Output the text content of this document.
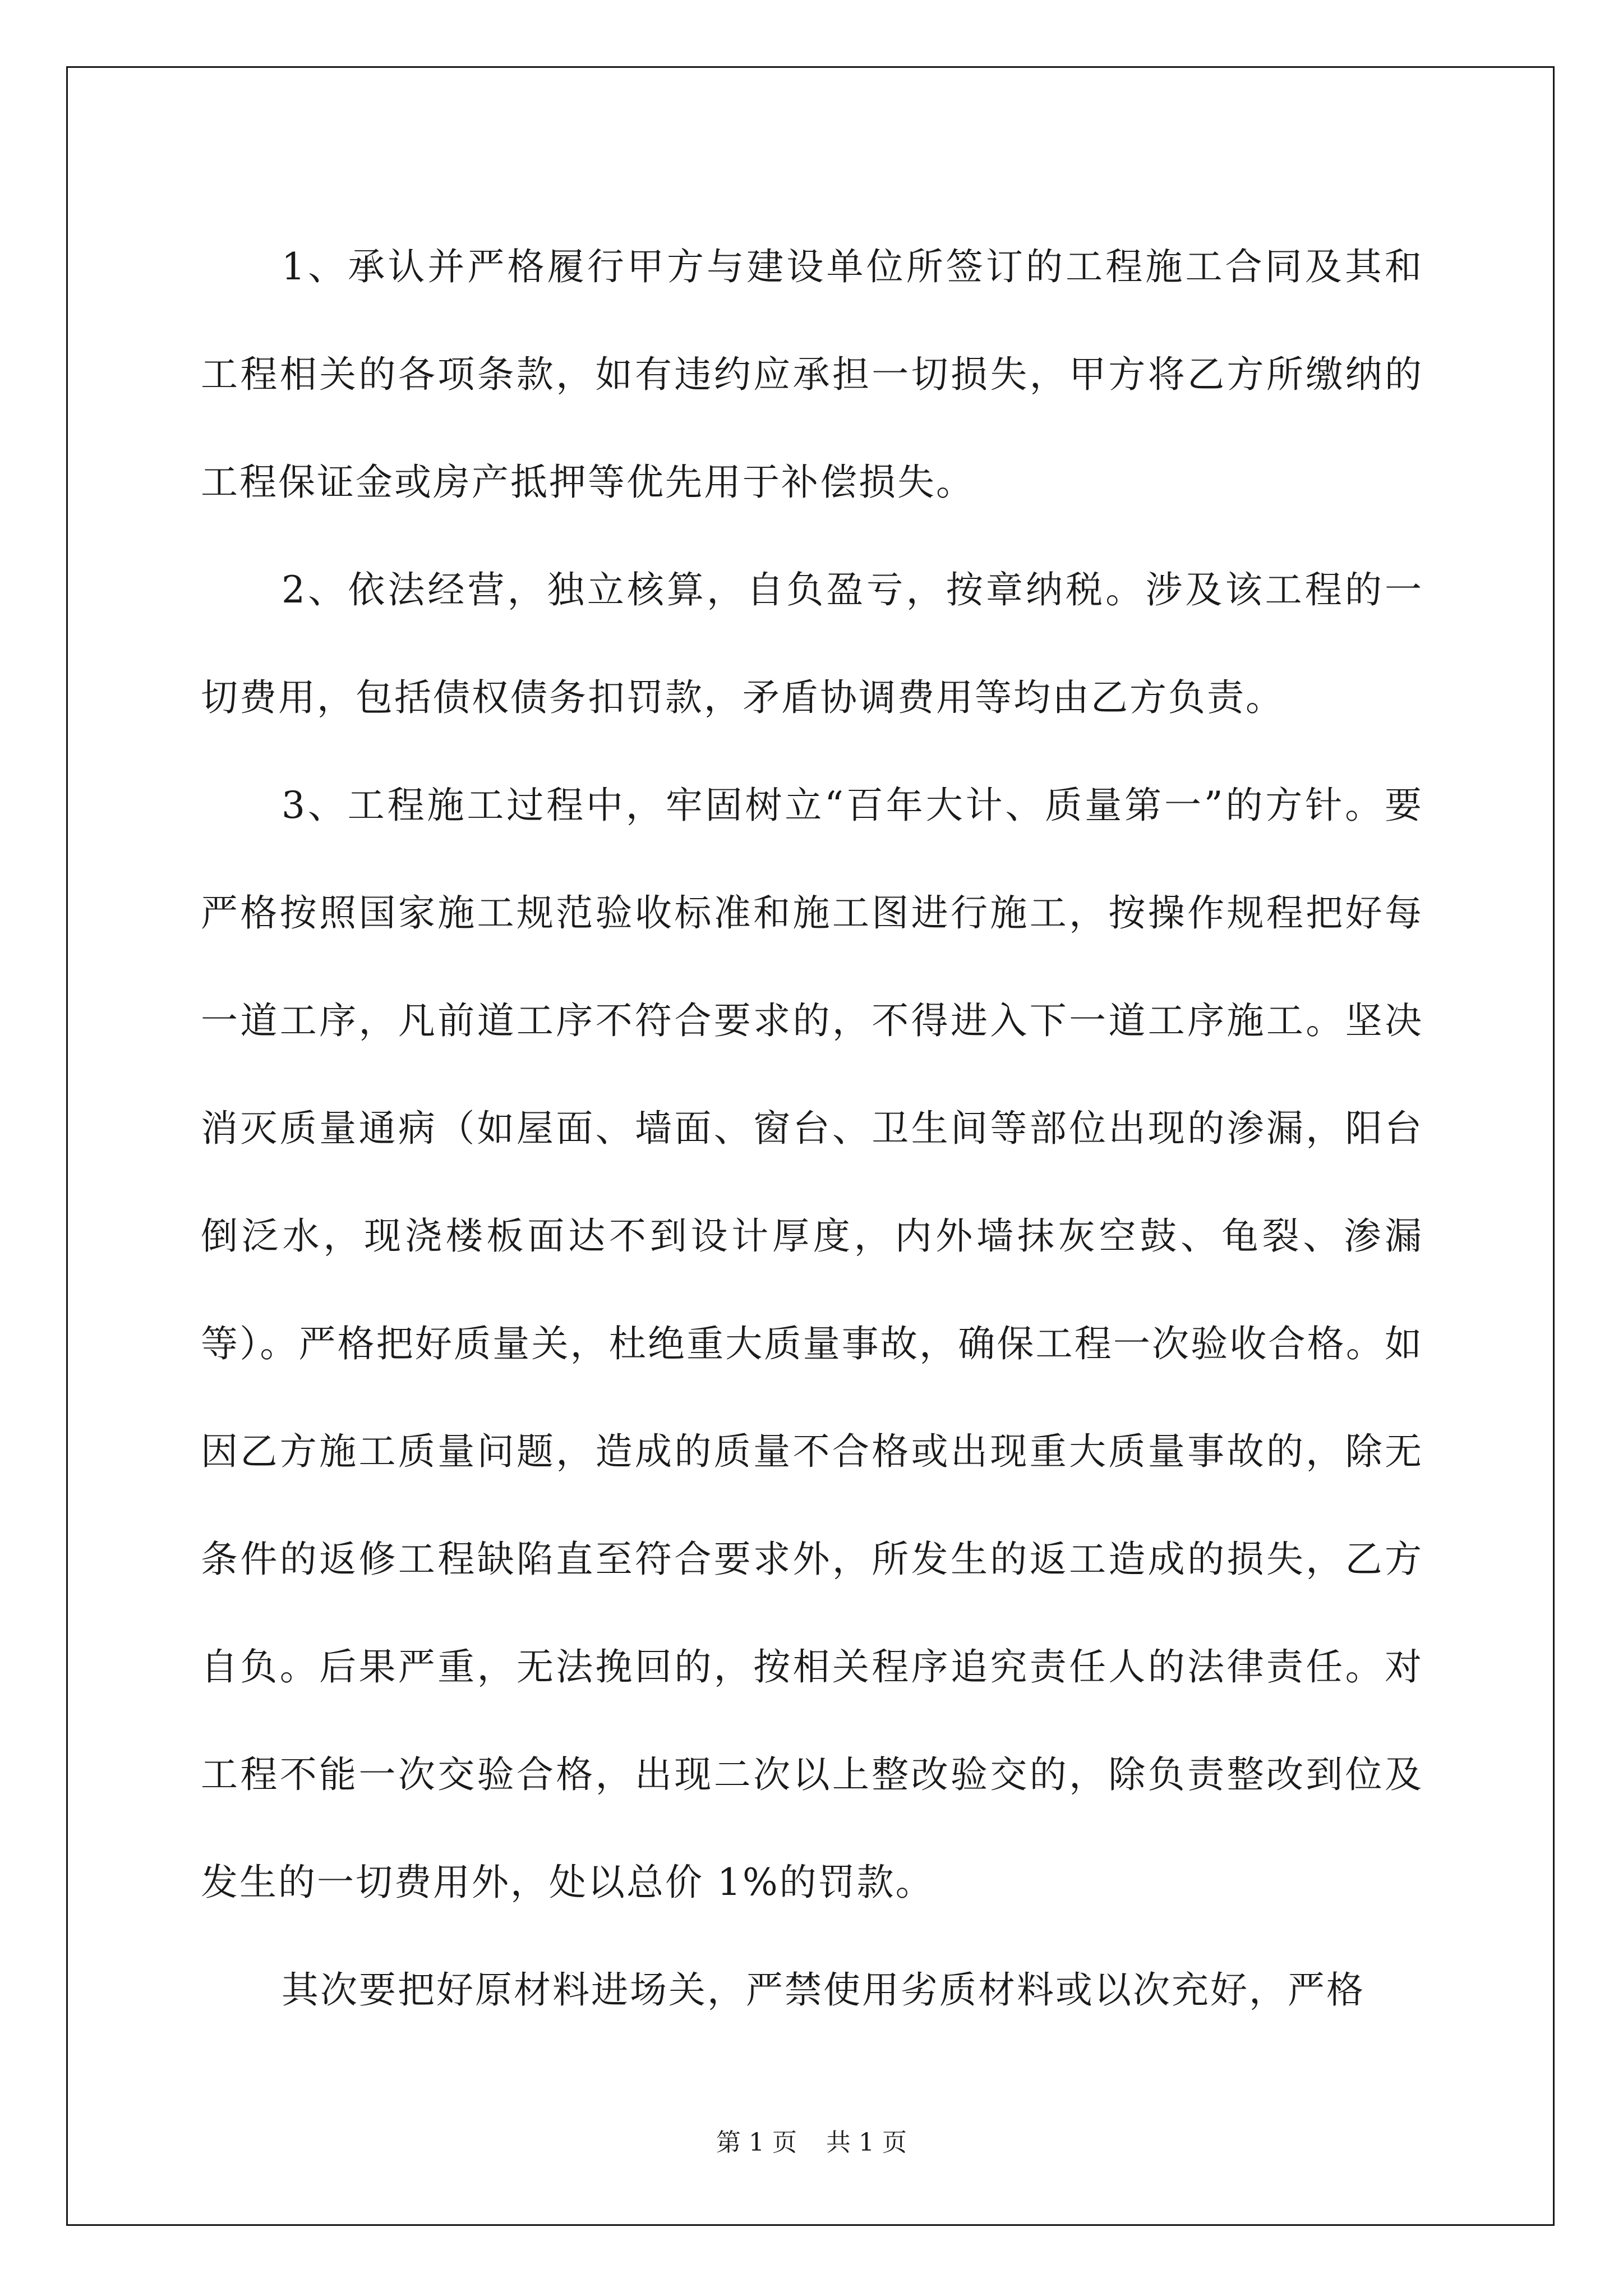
1、承认并严格履行甲方与建设单位所签订的工程施工合同及其和工程相关的各项条款，如有违约应承担一切损失，甲方将乙方所缴纳的工程保证金或房产抵押等优先用于补偿损失。

2、依法经营，独立核算，自负盈亏，按章纳税。涉及该工程的一切费用，包括债权债务扣罚款，矛盾协调费用等均由乙方负责。

3、工程施工过程中，牢固树立“百年大计、质量第一”的方针。要严格按照国家施工规范验收标准和施工图进行施工，按操作规程把好每一道工序，凡前道工序不符合要求的，不得进入下一道工序施工。坚决消灭质量通病（如屋面、墙面、窗台、卫生间等部位出现的渗漏，阳台倒泛水，现浇楼板面达不到设计厚度，内外墙抹灰空鼓、龟裂、渗漏等）。严格把好质量关，杜绝重大质量事故，确保工程一次验收合格。如因乙方施工质量问题，造成的质量不合格或出现重大质量事故的，除无条件的返修工程缺陷直至符合要求外，所发生的返工造成的损失，乙方自负。后果严重，无法挽回的，按相关程序追究责任人的法律责任。对工程不能一次交验合格，出现二次以上整改验交的，除负责整改到位及发生的一切费用外，处以总价 1%的罚款。

其次要把好原材料进场关，严禁使用劣质材料或以次充好，严格

第 1 页 共 1 页
